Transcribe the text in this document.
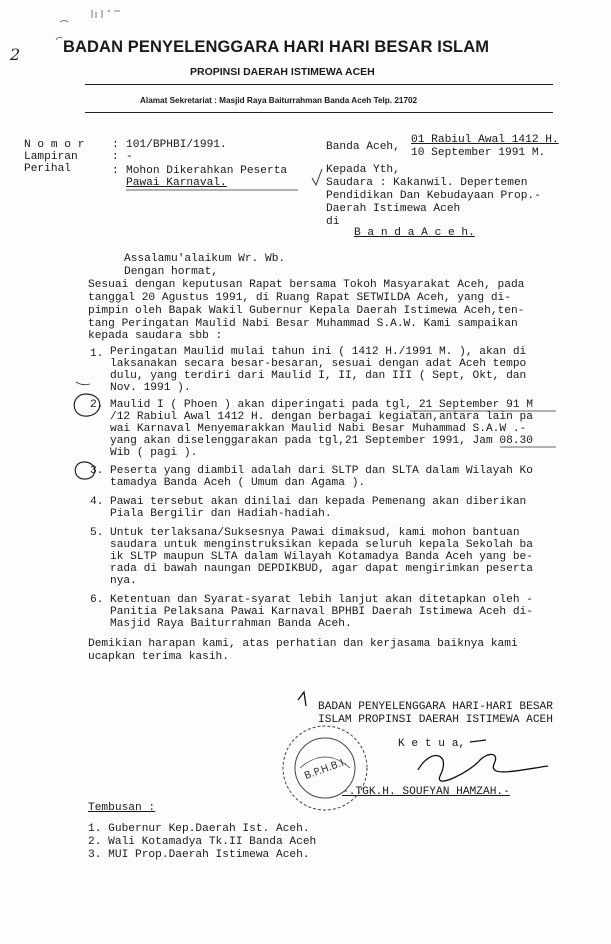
2	BADAN PENYELENGGARA HARI HARI BESAR ISLAM
PROPINSI DAERAH ISTIMEWA ACEH
Alamat Sekretariat : Masjid Raya Baiturrahman Banda Aceh Telp. 21702
N o m o r : 101/BPHBI/1991.
Lampiran	: -
Perihal	: Mohon Dikerahkan Peserta
Pawai Karnaval.
Banda Aceh,
01 Rabiul Awal 1412 H.
10 September 1991 M.
Kepada Yth,
Saudara : Kakanwil. Depertemen
Pendidikan Dan Kebudayaan Prop.-
Daerah Istimewa Aceh
di
B a n d a A c e h.
Assalamu'alaikum Wr. Wb.
Dengan hormat,
Sesuai dengan keputusan Rapat bersama Tokoh Masyarakat Aceh, pada
tanggal 20 Agustus 1991, di Ruang Rapat SETWILDA Aceh, yang di-
pimpin oleh Bapak Wakil Gubernur Kepala Daerah Istimewa Aceh,ten-
tang Peringatan Maulid Nabi Besar Muhammad S.A.W. Kami sampaikan
kepada saudara sbb :
1. Peringatan Maulid mulai tahun ini ( 1412 H./1991 M. ), akan di
laksanakan secara besar-besaran, sesuai dengan adat Aceh tempo
dulu, yang terdiri dari Maulid I, II, dan III ( Sept, Okt, dan
Nov. 1991 ).
2. Maulid I ( Phoen ) akan diperingati pada tgl, 21 September 91 M
/12 Rabiul Awal 1412 H. dengan berbagai kegiatan,antara lain pa
wai Karnaval Menyemarakkan Maulid Nabi Besar Muhammad S.A.W .-
yang akan diselenggarakan pada tgl,21 September 1991, Jam 08.30
Wib ( pagi ).
3. Peserta yang diambil adalah dari SLTP dan SLTA dalam Wilayah Ko
tamadya Banda Aceh ( Umum dan Agama ).
4. Pawai tersebut akan dinilai dan kepada Pemenang akan diberikan
Piala Bergilir dan Hadiah-hadiah.
5. Untuk terlaksana/Suksesnya Pawai dimaksud, kami mohon bantuan
saudara untuk menginstruksikan kepada seluruh kepala Sekolah ba
ik SLTP maupun SLTA dalam Wilayah Kotamadya Banda Aceh yang be-
rada di bawah naungan DEPDIKBUD, agar dapat mengirimkan peserta
nya.
6. Ketentuan dan Syarat-syarat lebih lanjut akan ditetapkan oleh -
Panitia Pelaksana Pawai Karnaval BPHBI Daerah Istimewa Aceh di-
Masjid Raya Baiturrahman Banda Aceh.
Demikian harapan kami, atas perhatian dan kerjasama baiknya kami
ucapkan terima kasih.
BADAN PENYELENGGARA HARI-HARI BESAR
ISLAM PROPINSI DAERAH ISTIMEWA ACEH
K e t u a,
-.TGK.H. SOUFYAN HAMZAH.-
Tembusan :
1. Gubernur Kep.Daerah Ist. Aceh.
2. Wali Kotamadya Tk.II Banda Aceh
3. MUI Prop.Daerah Istimewa Aceh.
B.P.H.B.I.
